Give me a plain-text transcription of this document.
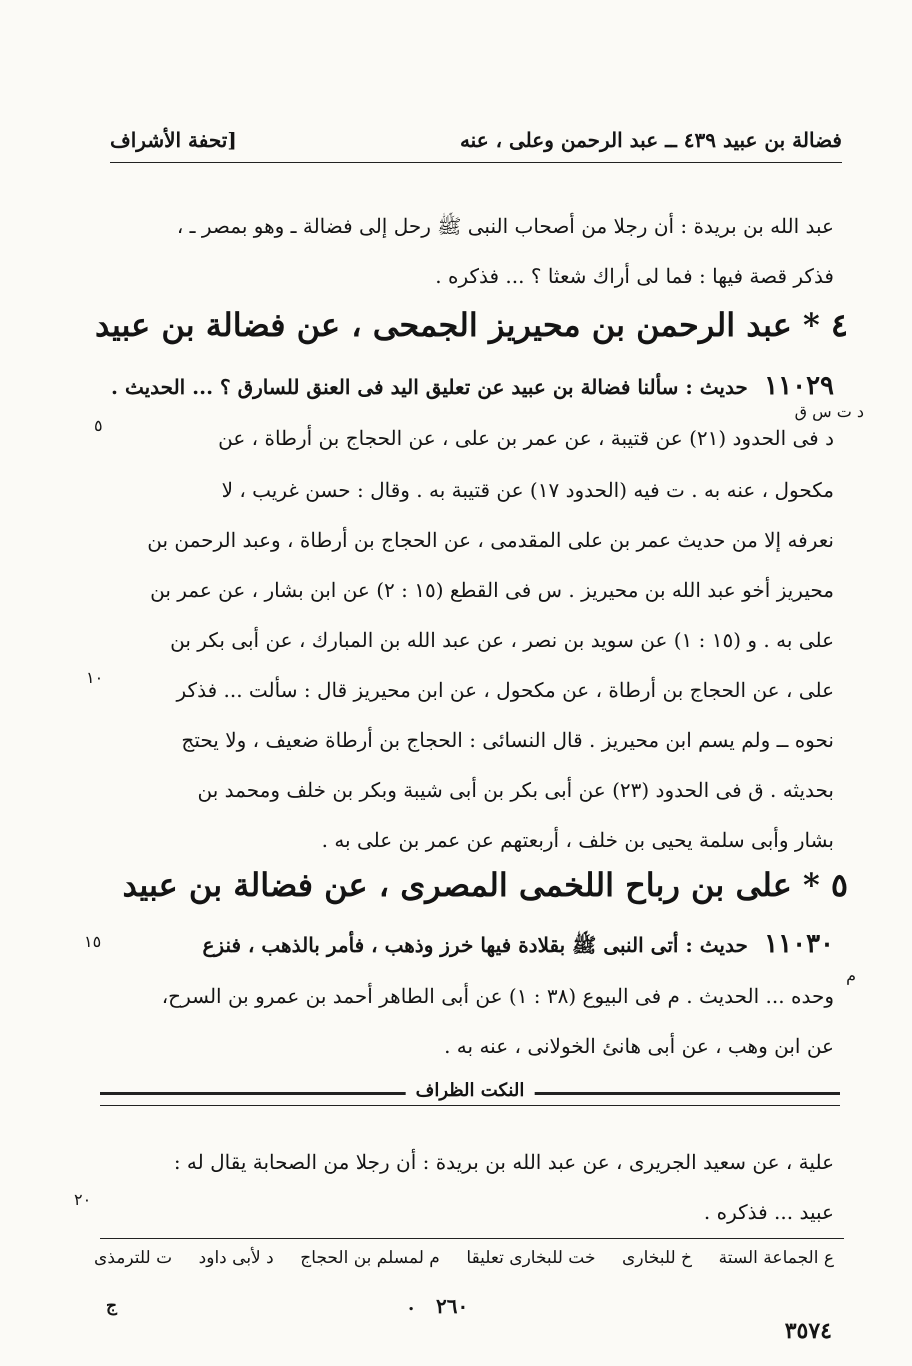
[تحفة الأشراف	فضالة بن عبيد ٤٣٩ ــ عبد الرحمن وعلى ، عنه
عبد الله بن بريدة : أن رجلا من أصحاب النبى ﷺ رحل إلى فضالة ـ وهو بمصر ـ ،
فذكر قصة فيها : فما لى أراك شعثا ؟ ... فذكره .
٤ * عبد الرحمن بن محيريز الجمحى ، عن فضالة بن عبيد
١١٠٢٩ حديث : سألنا فضالة بن عبيد عن تعليق اليد فى العنق للسارق ؟ ... الحديث .
د ت س ق
د فى الحدود (٢١) عن قتيبة ، عن عمر بن على ، عن الحجاج بن أرطاة ، عن
مكحول ، عنه به . ت فيه (الحدود ١٧) عن قتيبة به . وقال : حسن غريب ، لا
نعرفه إلا من حديث عمر بن على المقدمى ، عن الحجاج بن أرطاة ، وعبد الرحمن بن
محيريز أخو عبد الله بن محيريز . س فى القطع (١٥ : ٢) عن ابن بشار ، عن عمر بن
على به . و (١٥ : ١) عن سويد بن نصر ، عن عبد الله بن المبارك ، عن أبى بكر بن
على ، عن الحجاج بن أرطاة ، عن مكحول ، عن ابن محيريز قال : سألت ... فذكر
نحوه ــ ولم يسم ابن محيريز . قال النسائى : الحجاج بن أرطاة ضعيف ، ولا يحتج
بحديثه . ق فى الحدود (٢٣) عن أبى بكر بن أبى شيبة وبكر بن خلف ومحمد بن
بشار وأبى سلمة يحيى بن خلف ، أربعتهم عن عمر بن على به .
٥
١٠
٥ * على بن رباح اللخمى المصرى ، عن فضالة بن عبيد
١١٠٣٠ حديث : أتى النبى ﷺ بقلادة فيها خرز وذهب ، فأمر بالذهب ، فنزع
١٥
م
وحده ... الحديث . م فى البيوع (٣٨ : ١) عن أبى الطاهر أحمد بن عمرو بن السرح،
عن ابن وهب ، عن أبى هانئ الخولانى ، عنه به .
النكت الظراف
علية ، عن سعيد الجريرى ، عن عبد الله بن بريدة : أن رجلا من الصحابة يقال له :
عبيد ... فذكره .
٢٠
ع الجماعة الستة
خ للبخارى
خت للبخارى تعليقا
م لمسلم بن الحجاج
د لأبى داود
ت للترمذى
ج	. ٢٦٠
٣٥٧٤
